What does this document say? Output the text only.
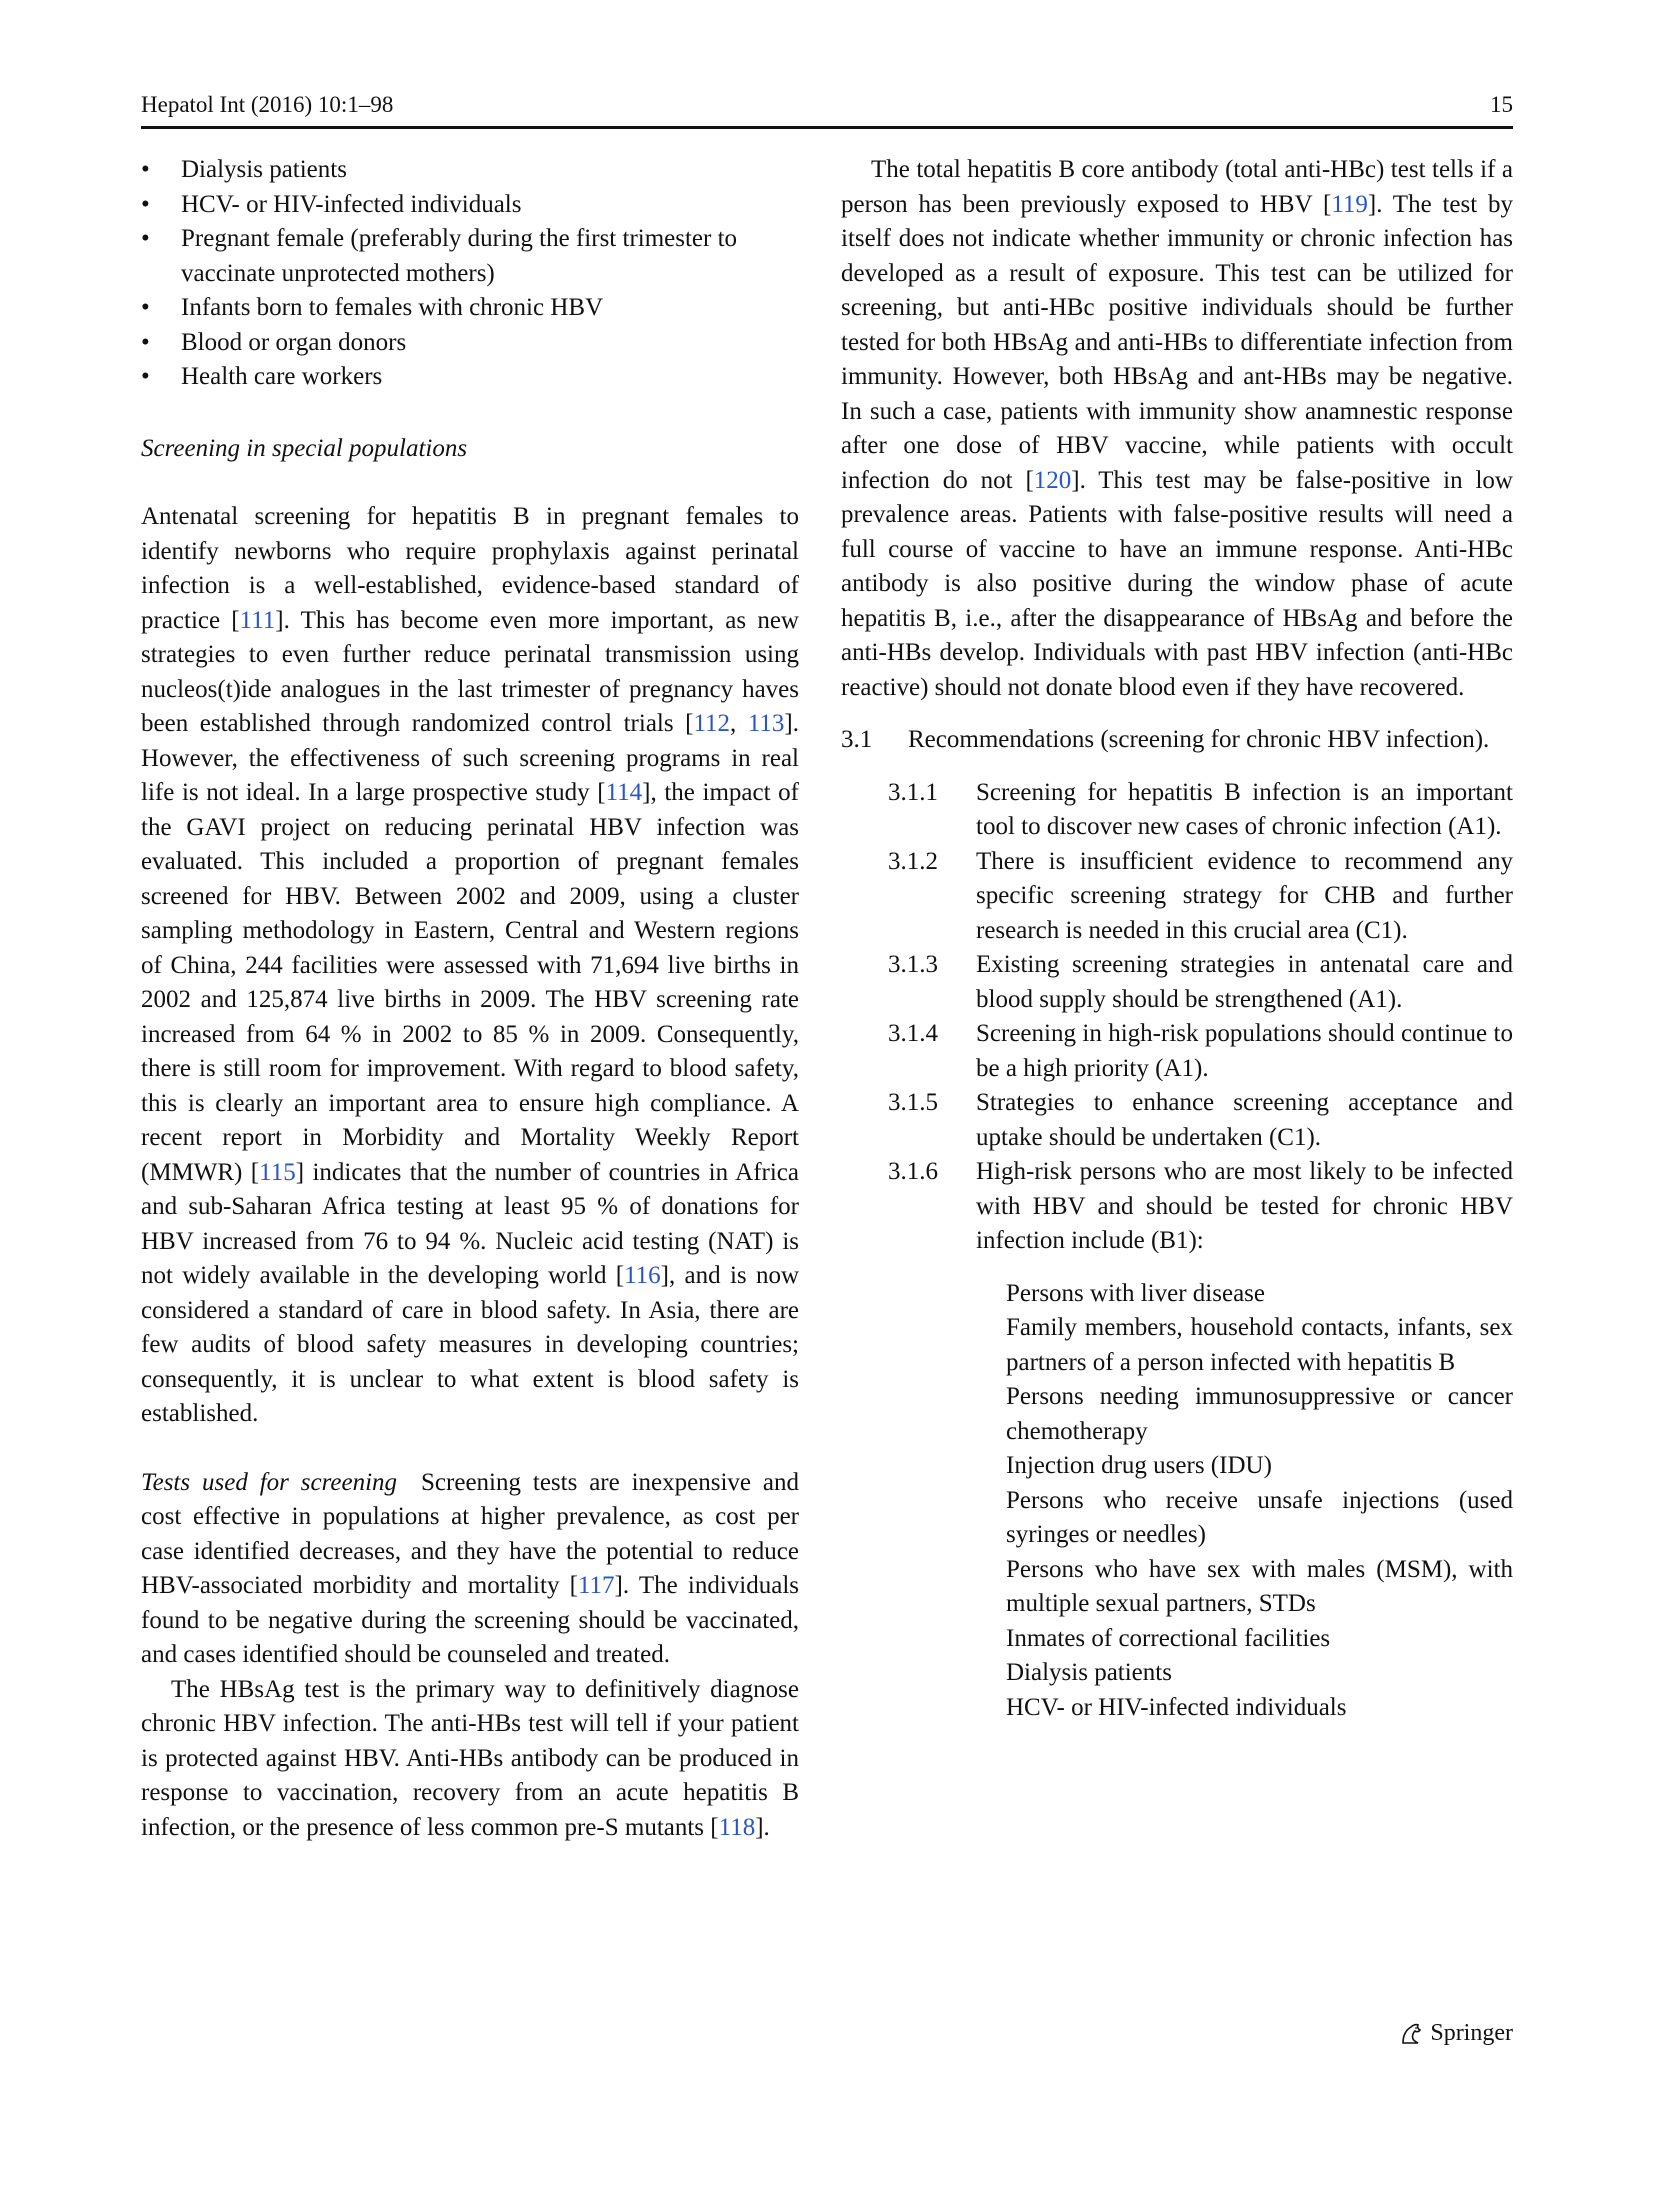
Hepatol Int (2016) 10:1–98	15
• Dialysis patients
• HCV- or HIV-infected individuals
• Pregnant female (preferably during the first trimester to vaccinate unprotected mothers)
• Infants born to females with chronic HBV
• Blood or organ donors
• Health care workers

Screening in special populations

Antenatal screening for hepatitis B in pregnant females to identify newborns who require prophylaxis against perinatal infection is a well-established, evidence-based standard of practice [111]. This has become even more important, as new strategies to even further reduce perinatal transmission using nucleos(t)ide analogues in the last trimester of pregnancy haves been established through randomized control trials [112, 113]. However, the effectiveness of such screening programs in real life is not ideal. In a large prospective study [114], the impact of the GAVI project on reducing perinatal HBV infection was evaluated. This included a proportion of pregnant females screened for HBV. Between 2002 and 2009, using a cluster sampling methodology in Eastern, Central and Western regions of China, 244 facilities were assessed with 71,694 live births in 2002 and 125,874 live births in 2009. The HBV screening rate increased from 64 % in 2002 to 85 % in 2009. Consequently, there is still room for improvement. With regard to blood safety, this is clearly an important area to ensure high compliance. A recent report in Morbidity and Mortality Weekly Report (MMWR) [115] indicates that the number of countries in Africa and sub-Saharan Africa testing at least 95 % of donations for HBV increased from 76 to 94 %. Nucleic acid testing (NAT) is not widely available in the developing world [116], and is now considered a standard of care in blood safety. In Asia, there are few audits of blood safety measures in developing countries; consequently, it is unclear to what extent is blood safety is established.

Tests used for screening Screening tests are inexpensive and cost effective in populations at higher prevalence, as cost per case identified decreases, and they have the potential to reduce HBV-associated morbidity and mortality [117]. The individuals found to be negative during the screening should be vaccinated, and cases identified should be counseled and treated.

The HBsAg test is the primary way to definitively diagnose chronic HBV infection. The anti-HBs test will tell if your patient is protected against HBV. Anti-HBs antibody can be produced in response to vaccination, recovery from an acute hepatitis B infection, or the presence of less common pre-S mutants [118].

The total hepatitis B core antibody (total anti-HBc) test tells if a person has been previously exposed to HBV [119]. The test by itself does not indicate whether immunity or chronic infection has developed as a result of exposure. This test can be utilized for screening, but anti-HBc positive individuals should be further tested for both HBsAg and anti-HBs to differentiate infection from immunity. However, both HBsAg and ant-HBs may be negative. In such a case, patients with immunity show anamnestic response after one dose of HBV vaccine, while patients with occult infection do not [120]. This test may be false-positive in low prevalence areas. Patients with false-positive results will need a full course of vaccine to have an immune response. Anti-HBc antibody is also positive during the window phase of acute hepatitis B, i.e., after the disappearance of HBsAg and before the anti-HBs develop. Individuals with past HBV infection (anti-HBc reactive) should not donate blood even if they have recovered.

3.1	Recommendations (screening for chronic HBV infection).
3.1.1	Screening for hepatitis B infection is an important tool to discover new cases of chronic infection (A1).
3.1.2	There is insufficient evidence to recommend any specific screening strategy for CHB and further research is needed in this crucial area (C1).
3.1.3	Existing screening strategies in antenatal care and blood supply should be strengthened (A1).
3.1.4	Screening in high-risk populations should continue to be a high priority (A1).
3.1.5	Strategies to enhance screening acceptance and uptake should be undertaken (C1).
3.1.6	High-risk persons who are most likely to be infected with HBV and should be tested for chronic HBV infection include (B1):

Persons with liver disease

Family members, household contacts, infants, sex partners of a person infected with hepatitis B

Persons needing immunosuppressive or cancer chemotherapy

Injection drug users (IDU)

Persons who receive unsafe injections (used syringes or needles)

Persons who have sex with males (MSM), with multiple sexual partners, STDs

Inmates of correctional facilities

Dialysis patients

HCV- or HIV-infected individuals

Springer
